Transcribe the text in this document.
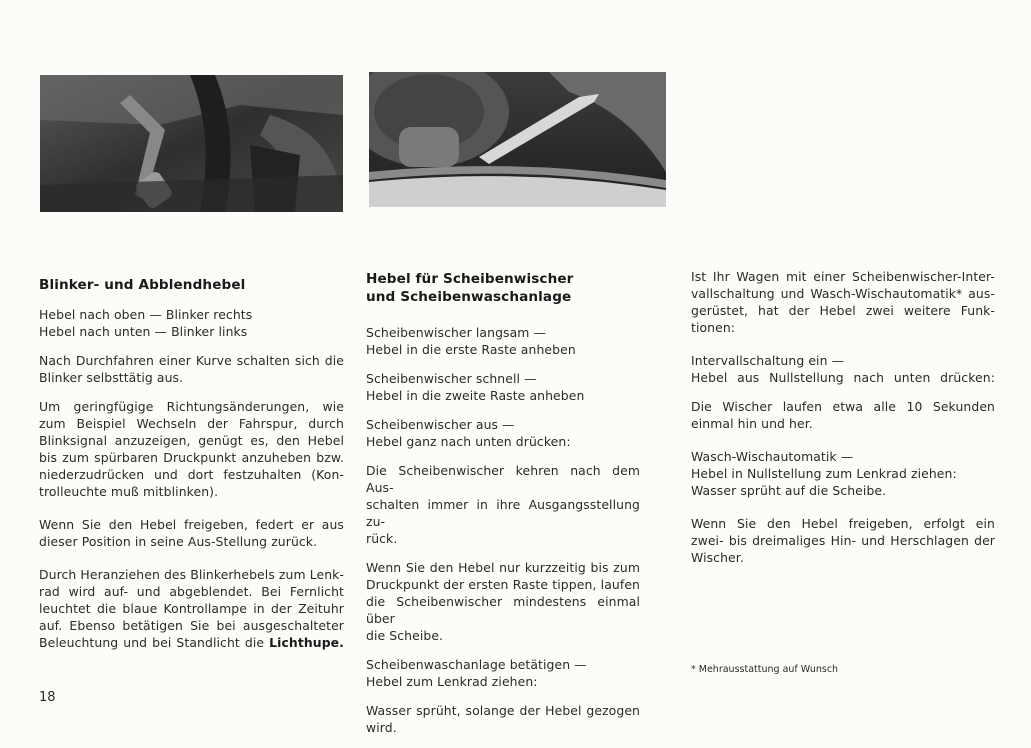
Blinker- und Abblendhebel
Hebel nach oben — Blinker rechts
Hebel nach unten — Blinker links
Nach Durchfahren einer Kurve schalten sich die
Blinker selbsttätig aus.
Um geringfügige Richtungsänderungen, wie
zum Beispiel Wechseln der Fahrspur, durch
Blinksignal anzuzeigen, genügt es, den Hebel
bis zum spürbaren Druckpunkt anzuheben bzw.
niederzudrücken und dort festzuhalten (Kon-
trolleuchte muß mitblinken).
Wenn Sie den Hebel freigeben, federt er aus
dieser Position in seine Aus-Stellung zurück.
Durch Heranziehen des Blinkerhebels zum Lenk-
rad wird auf- und abgeblendet. Bei Fernlicht
leuchtet die blaue Kontrollampe in der Zeituhr
auf. Ebenso betätigen Sie bei ausgeschalteter
Beleuchtung und bei Standlicht die Lichthupe.
Hebel für Scheibenwischer
und Scheibenwaschanlage
Scheibenwischer langsam —
Hebel in die erste Raste anheben
Scheibenwischer schnell —
Hebel in die zweite Raste anheben
Scheibenwischer aus —
Hebel ganz nach unten drücken:
Die Scheibenwischer kehren nach dem Aus-
schalten immer in ihre Ausgangsstellung zu-
rück.
Wenn Sie den Hebel nur kurzzeitig bis zum
Druckpunkt der ersten Raste tippen, laufen
die Scheibenwischer mindestens einmal über
die Scheibe.
Scheibenwaschanlage betätigen —
Hebel zum Lenkrad ziehen:
Wasser sprüht, solange der Hebel gezogen
wird.
Ist Ihr Wagen mit einer Scheibenwischer-Inter-
vallschaltung und Wasch-Wischautomatik* aus-
gerüstet, hat der Hebel zwei weitere Funk-
tionen:
Intervallschaltung ein —
Hebel aus Nullstellung nach unten drücken:
Die Wischer laufen etwa alle 10 Sekunden
einmal hin und her.
Wasch-Wischautomatik —
Hebel in Nullstellung zum Lenkrad ziehen:
Wasser sprüht auf die Scheibe.
Wenn Sie den Hebel freigeben, erfolgt ein
zwei- bis dreimaliges Hin- und Herschlagen der
Wischer.
* Mehrausstattung auf Wunsch
18
